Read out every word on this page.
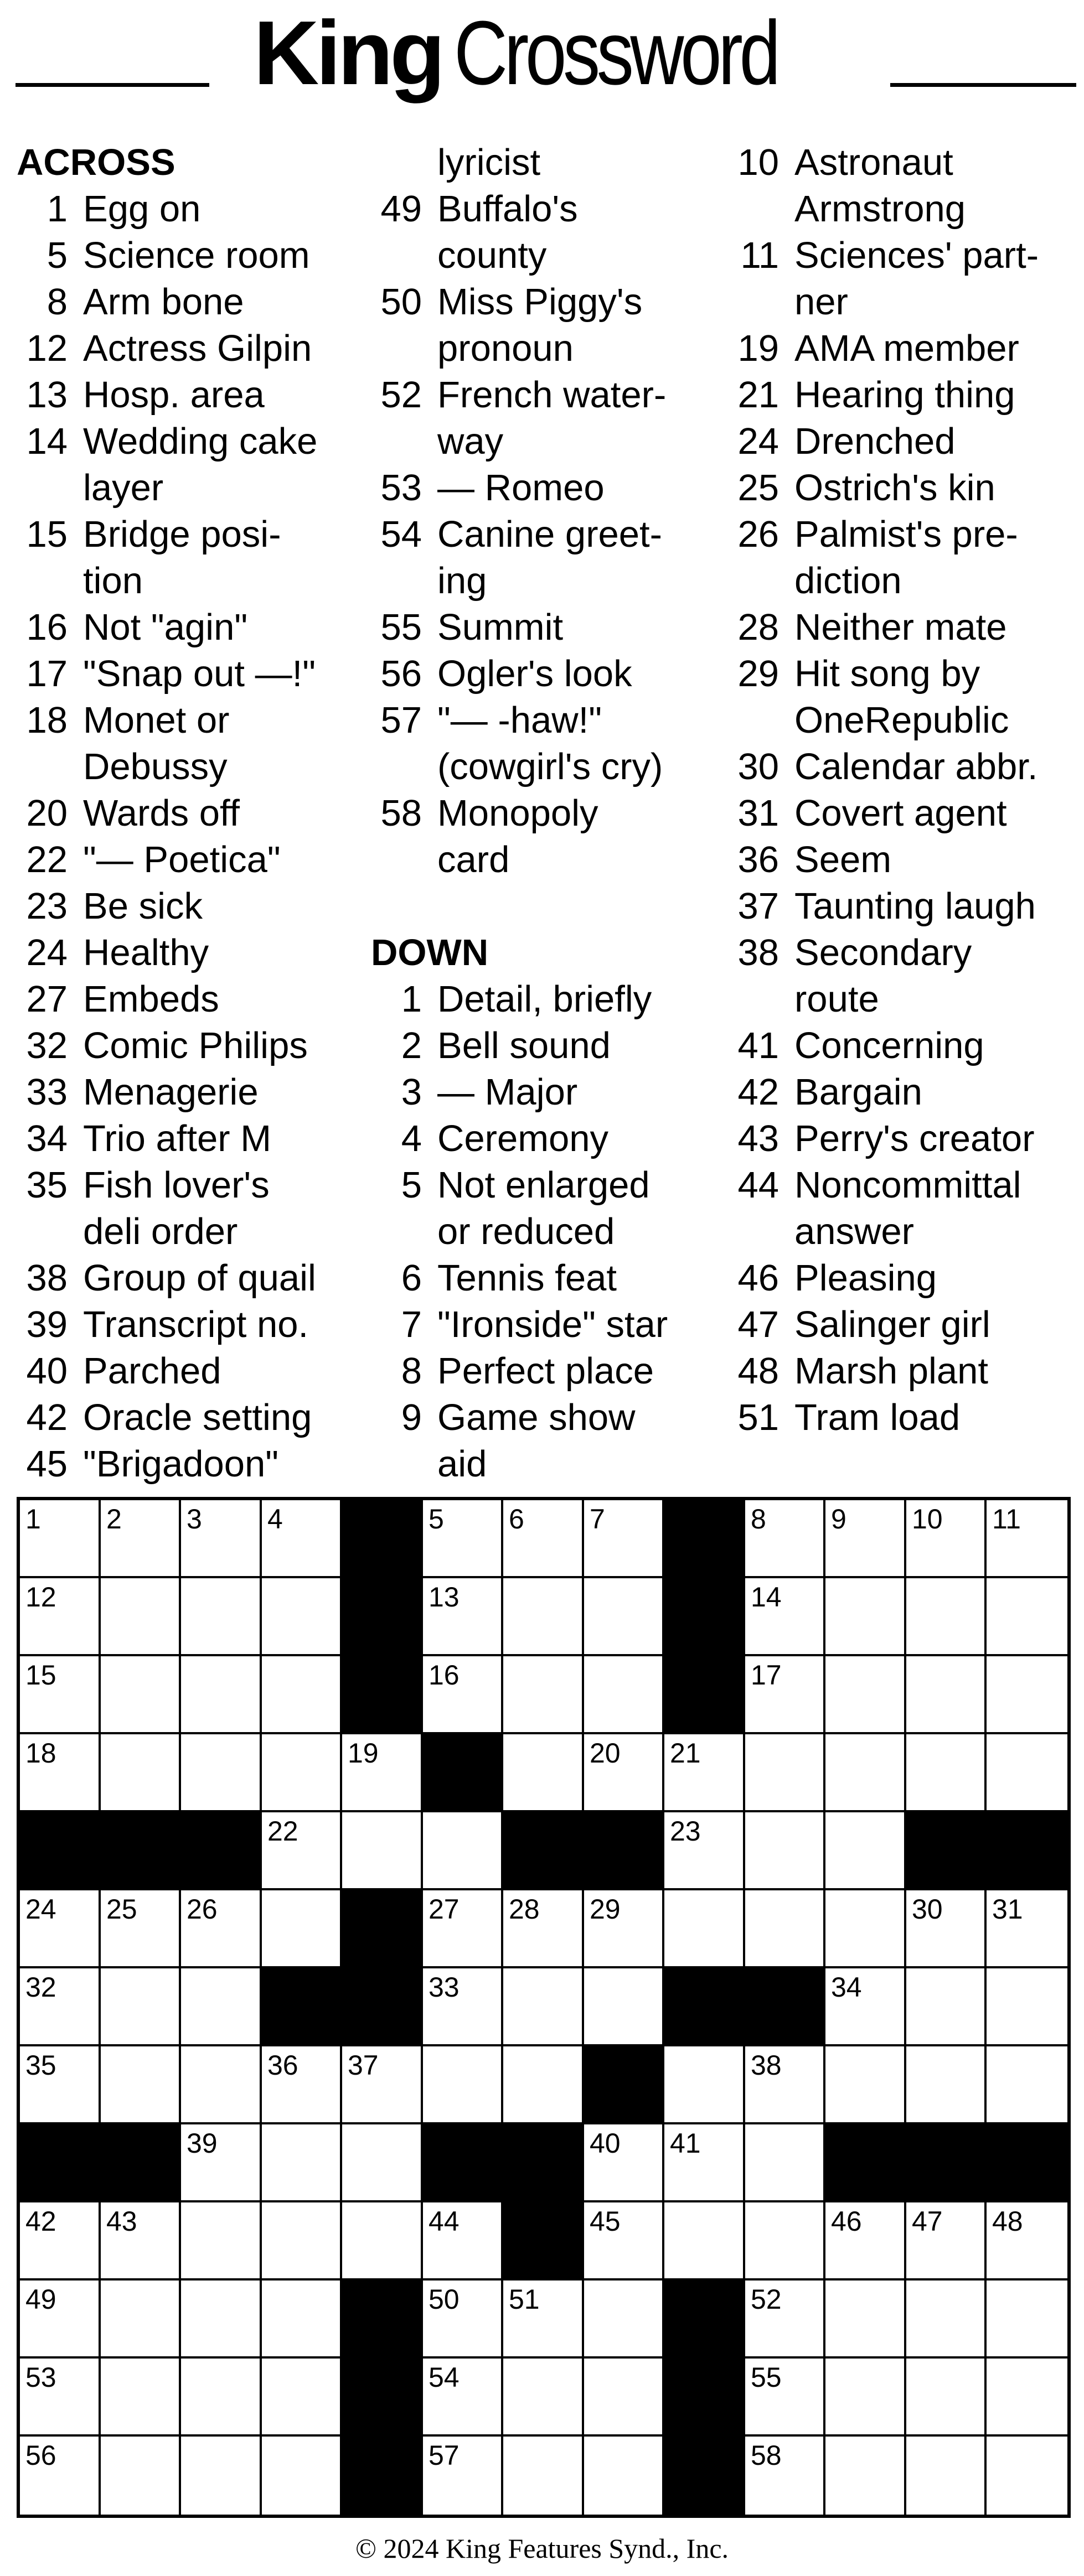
King Crossword
ACROSS
1 Egg on
5 Science room
8 Arm bone
12 Actress Gilpin
13 Hosp. area
14 Wedding cake
layer
15 Bridge posi-
tion
16 Not "agin"
17 "Snap out —!"
18 Monet or
Debussy
20 Wards off
22 "— Poetica"
23 Be sick
24 Healthy
27 Embeds
32 Comic Philips
33 Menagerie
34 Trio after M
35 Fish lover's
deli order
38 Group of quail
39 Transcript no.
40 Parched
42 Oracle setting
45 "Brigadoon"
lyricist
49 Buffalo's
county
50 Miss Piggy's
pronoun
52 French water-
way
53 — Romeo
54 Canine greet-
ing
55 Summit
56 Ogler's look
57 "— -haw!"
(cowgirl's cry)
58 Monopoly
card
DOWN
1 Detail, briefly
2 Bell sound
3 — Major
4 Ceremony
5 Not enlarged
or reduced
6 Tennis feat
7 "Ironside" star
8 Perfect place
9 Game show
aid
10 Astronaut
Armstrong
11 Sciences' part-
ner
19 AMA member
21 Hearing thing
24 Drenched
25 Ostrich's kin
26 Palmist's pre-
diction
28 Neither mate
29 Hit song by
OneRepublic
30 Calendar abbr.
31 Covert agent
36 Seem
37 Taunting laugh
38 Secondary
route
41 Concerning
42 Bargain
43 Perry's creator
44 Noncommittal
answer
46 Pleasing
47 Salinger girl
48 Marsh plant
51 Tram load
1 2 3 4	5 6 7	8 9 10 11
12	13	14
15	16	17
18	19	20 21
22	23
24 25 26	27 28 29	30 31
32	33	34
35	36 37	38
39	40 41
42 43	44	45	46 47 48
49	50 51	52
53	54	55
56	57	58
© 2024 King Features Synd., Inc.
